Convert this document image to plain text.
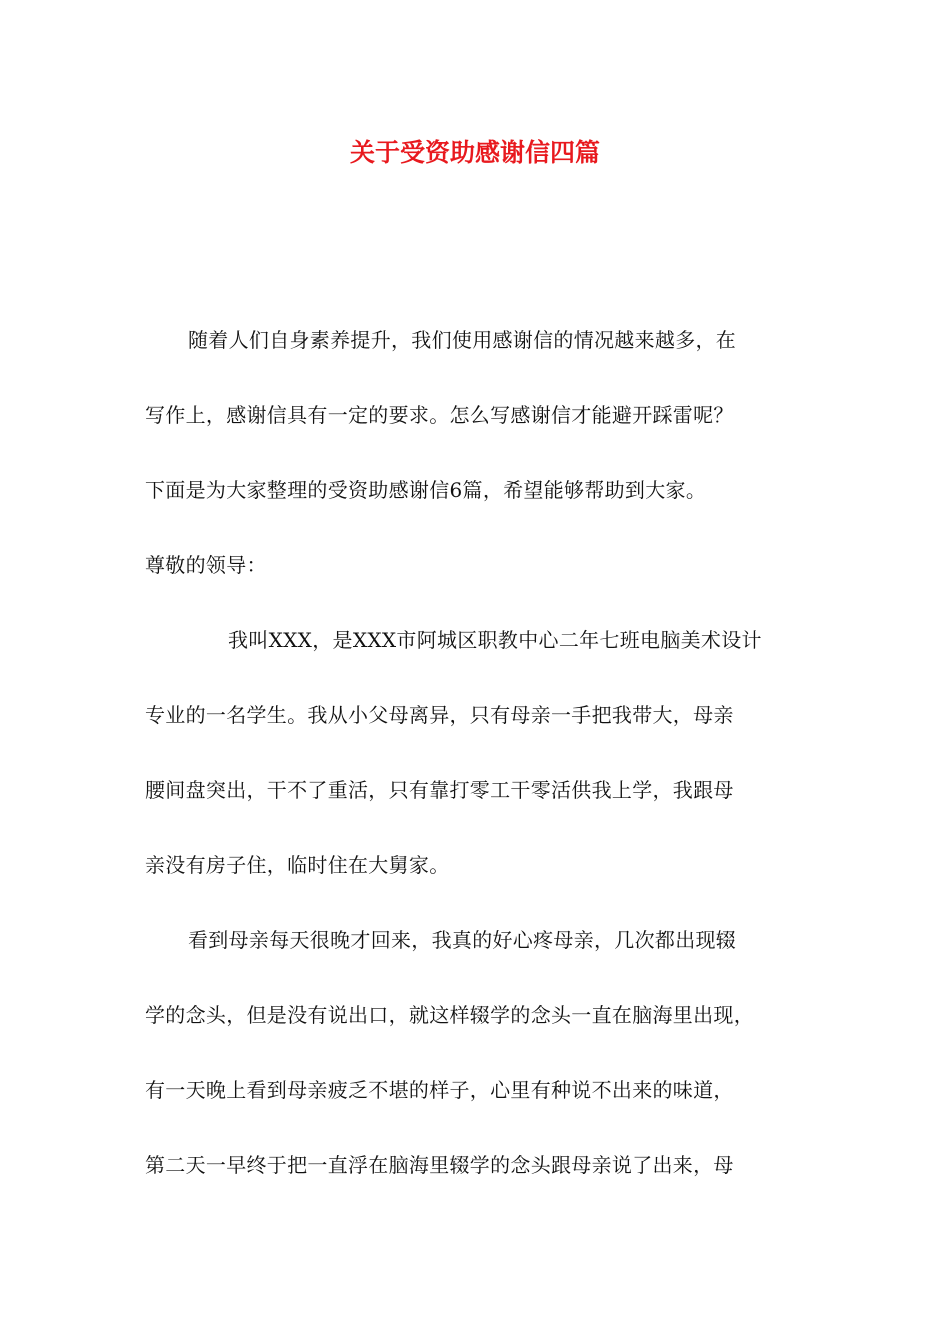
关于受资助感谢信四篇
随着人们自身素养提升，我们使用感谢信的情况越来越多，在
写作上，感谢信具有一定的要求。怎么写感谢信才能避开踩雷呢？
下面是为大家整理的受资助感谢信6篇，希望能够帮助到大家。
尊敬的领导：
我叫XXX，是XXX市阿城区职教中心二年七班电脑美术设计
专业的一名学生。我从小父母离异，只有母亲一手把我带大，母亲
腰间盘突出，干不了重活，只有靠打零工干零活供我上学，我跟母
亲没有房子住，临时住在大舅家。
看到母亲每天很晚才回来，我真的好心疼母亲，几次都出现辍
学的念头，但是没有说出口，就这样辍学的念头一直在脑海里出现，
有一天晚上看到母亲疲乏不堪的样子，心里有种说不出来的味道，
第二天一早终于把一直浮在脑海里辍学的念头跟母亲说了出来，母
